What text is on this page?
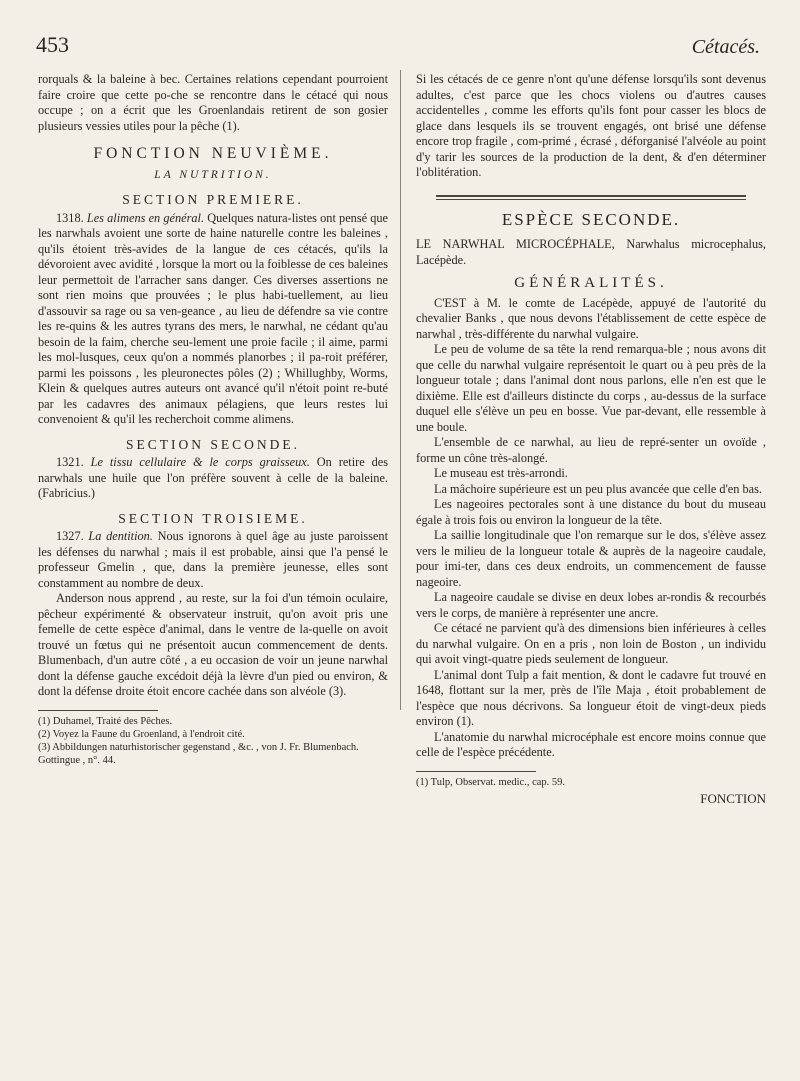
453	Cétacés.

rorquals & la baleine à bec. Certaines relations cependant pourroient faire croire que cette po-che se rencontre dans le cétacé qui nous occupe ; on a écrit que les Groenlandais retirent de son gosier plusieurs vessies utiles pour la pêche (1).

FONCTION NEUVIÈME.

LA NUTRITION.

SECTION PREMIERE.

1318. Les alimens en général. Quelques natura-listes ont pensé que les narwhals avoient une sorte de haine naturelle contre les baleines , qu'ils étoient très-avides de la langue de ces cétacés, qu'ils la dévoroient avec avidité , lorsque la mort ou la foiblesse de ces baleines leur permettoit de l'arracher sans danger. Ces diverses assertions ne sont rien moins que prouvées ; le plus habi-tuellement, au lieu d'assouvir sa rage ou sa ven-geance , au lieu de défendre sa vie contre les re-quins & les autres tyrans des mers, le narwhal, ne cédant qu'au besoin de la faim, cherche seu-lement une proie facile ; il aime, parmi les mol-lusques, ceux qu'on a nommés planorbes ; il pa-roit préférer, parmi les poissons , les pleuronectes pôles (2) ; Whillughby, Worms, Klein & quelques autres auteurs ont avancé qu'il n'étoit point re-buté par les cadavres des animaux pélagiens, que leurs restes lui convenoient & qu'il les recherchoit comme alimens.

SECTION SECONDE.

1321. Le tissu cellulaire & le corps graisseux. On retire des narwhals une huile que l'on préfère souvent à celle de la baleine. (Fabricius.)

SECTION TROISIEME.

1327. La dentition. Nous ignorons à quel âge au juste paroissent les défenses du narwhal ; mais il est probable, ainsi que l'a pensé le professeur Gmelin , que, dans la première jeunesse, elles sont constamment au nombre de deux.

Anderson nous apprend , au reste, sur la foi d'un témoin oculaire, pêcheur expérimenté & observateur instruit, qu'on avoit pris une femelle de cette espèce d'animal, dans le ventre de la-quelle on avoit trouvé un fœtus qui ne présentoit aucun commencement de dents. Blumenbach, d'un autre côté , a eu occasion de voir un jeune narwhal dont la défense gauche excédoit déjà la lèvre d'un pied ou environ, & dont la défense droite étoit encore cachée dans son alvéole (3).

(1) Duhamel, Traité des Pêches.

(2) Voyez la Faune du Groenland, à l'endroit cité.

(3) Abbildungen naturhistorischer gegenstand , &c. , von J. Fr. Blumenbach. Gottingue , n°. 44.

Si les cétacés de ce genre n'ont qu'une défense lorsqu'ils sont devenus adultes, c'est parce que les chocs violens ou d'autres causes accidentelles , comme les efforts qu'ils font pour casser les blocs de glace dans lesquels ils se trouvent engagés, ont brisé une défense encore trop fragile , com-primé , écrasé , déforganisé l'alvéole au point d'y tarir les sources de la production de la dent, & d'en déterminer l'oblitération.

ESPÈCE SECONDE.

LE NARWHAL MICROCÉPHALE, Narwhalus microcephalus, Lacépède.

GÉNÉRALITÉS.

C'EST à M. le comte de Lacépède, appuyé de l'autorité du chevalier Banks , que nous devons l'établissement de cette espèce de narwhal , très-différente du narwhal vulgaire.

Le peu de volume de sa tête la rend remarqua-ble ; nous avons dit que celle du narwhal vulgaire représentoit le quart ou à peu près de la longueur totale ; dans l'animal dont nous parlons, elle n'en est que le dixième. Elle est d'ailleurs distincte du corps , au-dessus de la surface duquel elle s'élève un peu en bosse. Vue par-devant, elle ressemble à une boule.

L'ensemble de ce narwhal, au lieu de repré-senter un ovoïde , forme un cône très-alongé.

Le museau est très-arrondi.

La mâchoire supérieure est un peu plus avancée que celle d'en bas.

Les nageoires pectorales sont à une distance du bout du museau égale à trois fois ou environ la longueur de la tête.

La saillie longitudinale que l'on remarque sur le dos, s'élève assez vers le milieu de la longueur totale & auprès de la nageoire caudale, pour imi-ter, dans ces deux endroits, un commencement de fausse nageoire.

La nageoire caudale se divise en deux lobes ar-rondis & recourbés vers le corps, de manière à représenter une ancre.

Ce cétacé ne parvient qu'à des dimensions bien inférieures à celles du narwhal vulgaire. On en a pris , non loin de Boston , un individu qui avoit vingt-quatre pieds seulement de longueur.

L'animal dont Tulp a fait mention, & dont le cadavre fut trouvé en 1648, flottant sur la mer, près de l'île Maja , étoit probablement de l'espèce que nous décrivons. Sa longueur étoit de vingt-deux pieds environ (1).

L'anatomie du narwhal microcéphale est encore moins connue que celle de l'espèce précédente.

(1) Tulp, Observat. medic., cap. 59.

FONCTION
